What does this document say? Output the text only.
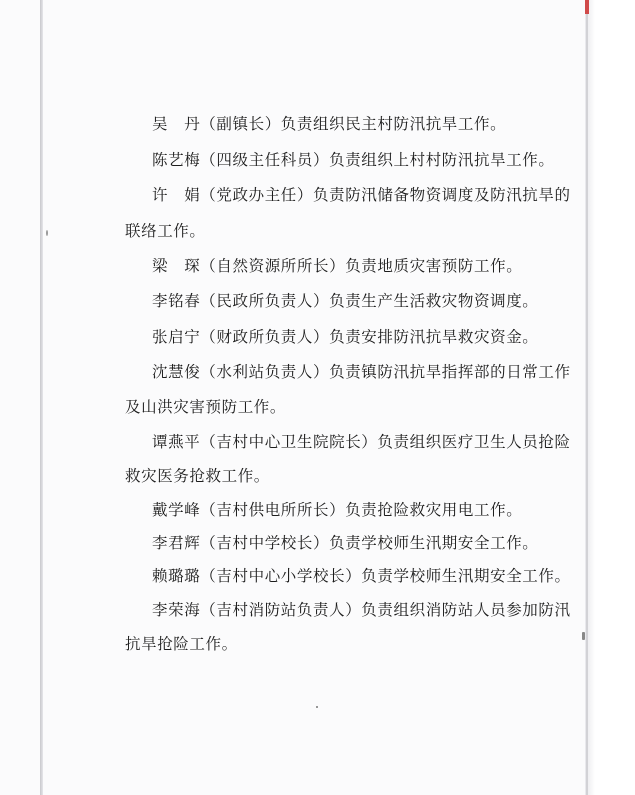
吴　丹（副镇长）负责组织民主村防汛抗旱工作。
陈艺梅（四级主任科员）负责组织上村村防汛抗旱工作。
许　娟（党政办主任）负责防汛储备物资调度及防汛抗旱的
联络工作。
梁　琛（自然资源所所长）负责地质灾害预防工作。
李铭春（民政所负责人）负责生产生活救灾物资调度。
张启宁（财政所负责人）负责安排防汛抗旱救灾资金。
沈慧俊（水利站负责人）负责镇防汛抗旱指挥部的日常工作
及山洪灾害预防工作。
谭燕平（吉村中心卫生院院长）负责组织医疗卫生人员抢险
救灾医务抢救工作。
戴学峰（吉村供电所所长）负责抢险救灾用电工作。
李君辉（吉村中学校长）负责学校师生汛期安全工作。
赖璐璐（吉村中心小学校长）负责学校师生汛期安全工作。
李荣海（吉村消防站负责人）负责组织消防站人员参加防汛
抗旱抢险工作。
